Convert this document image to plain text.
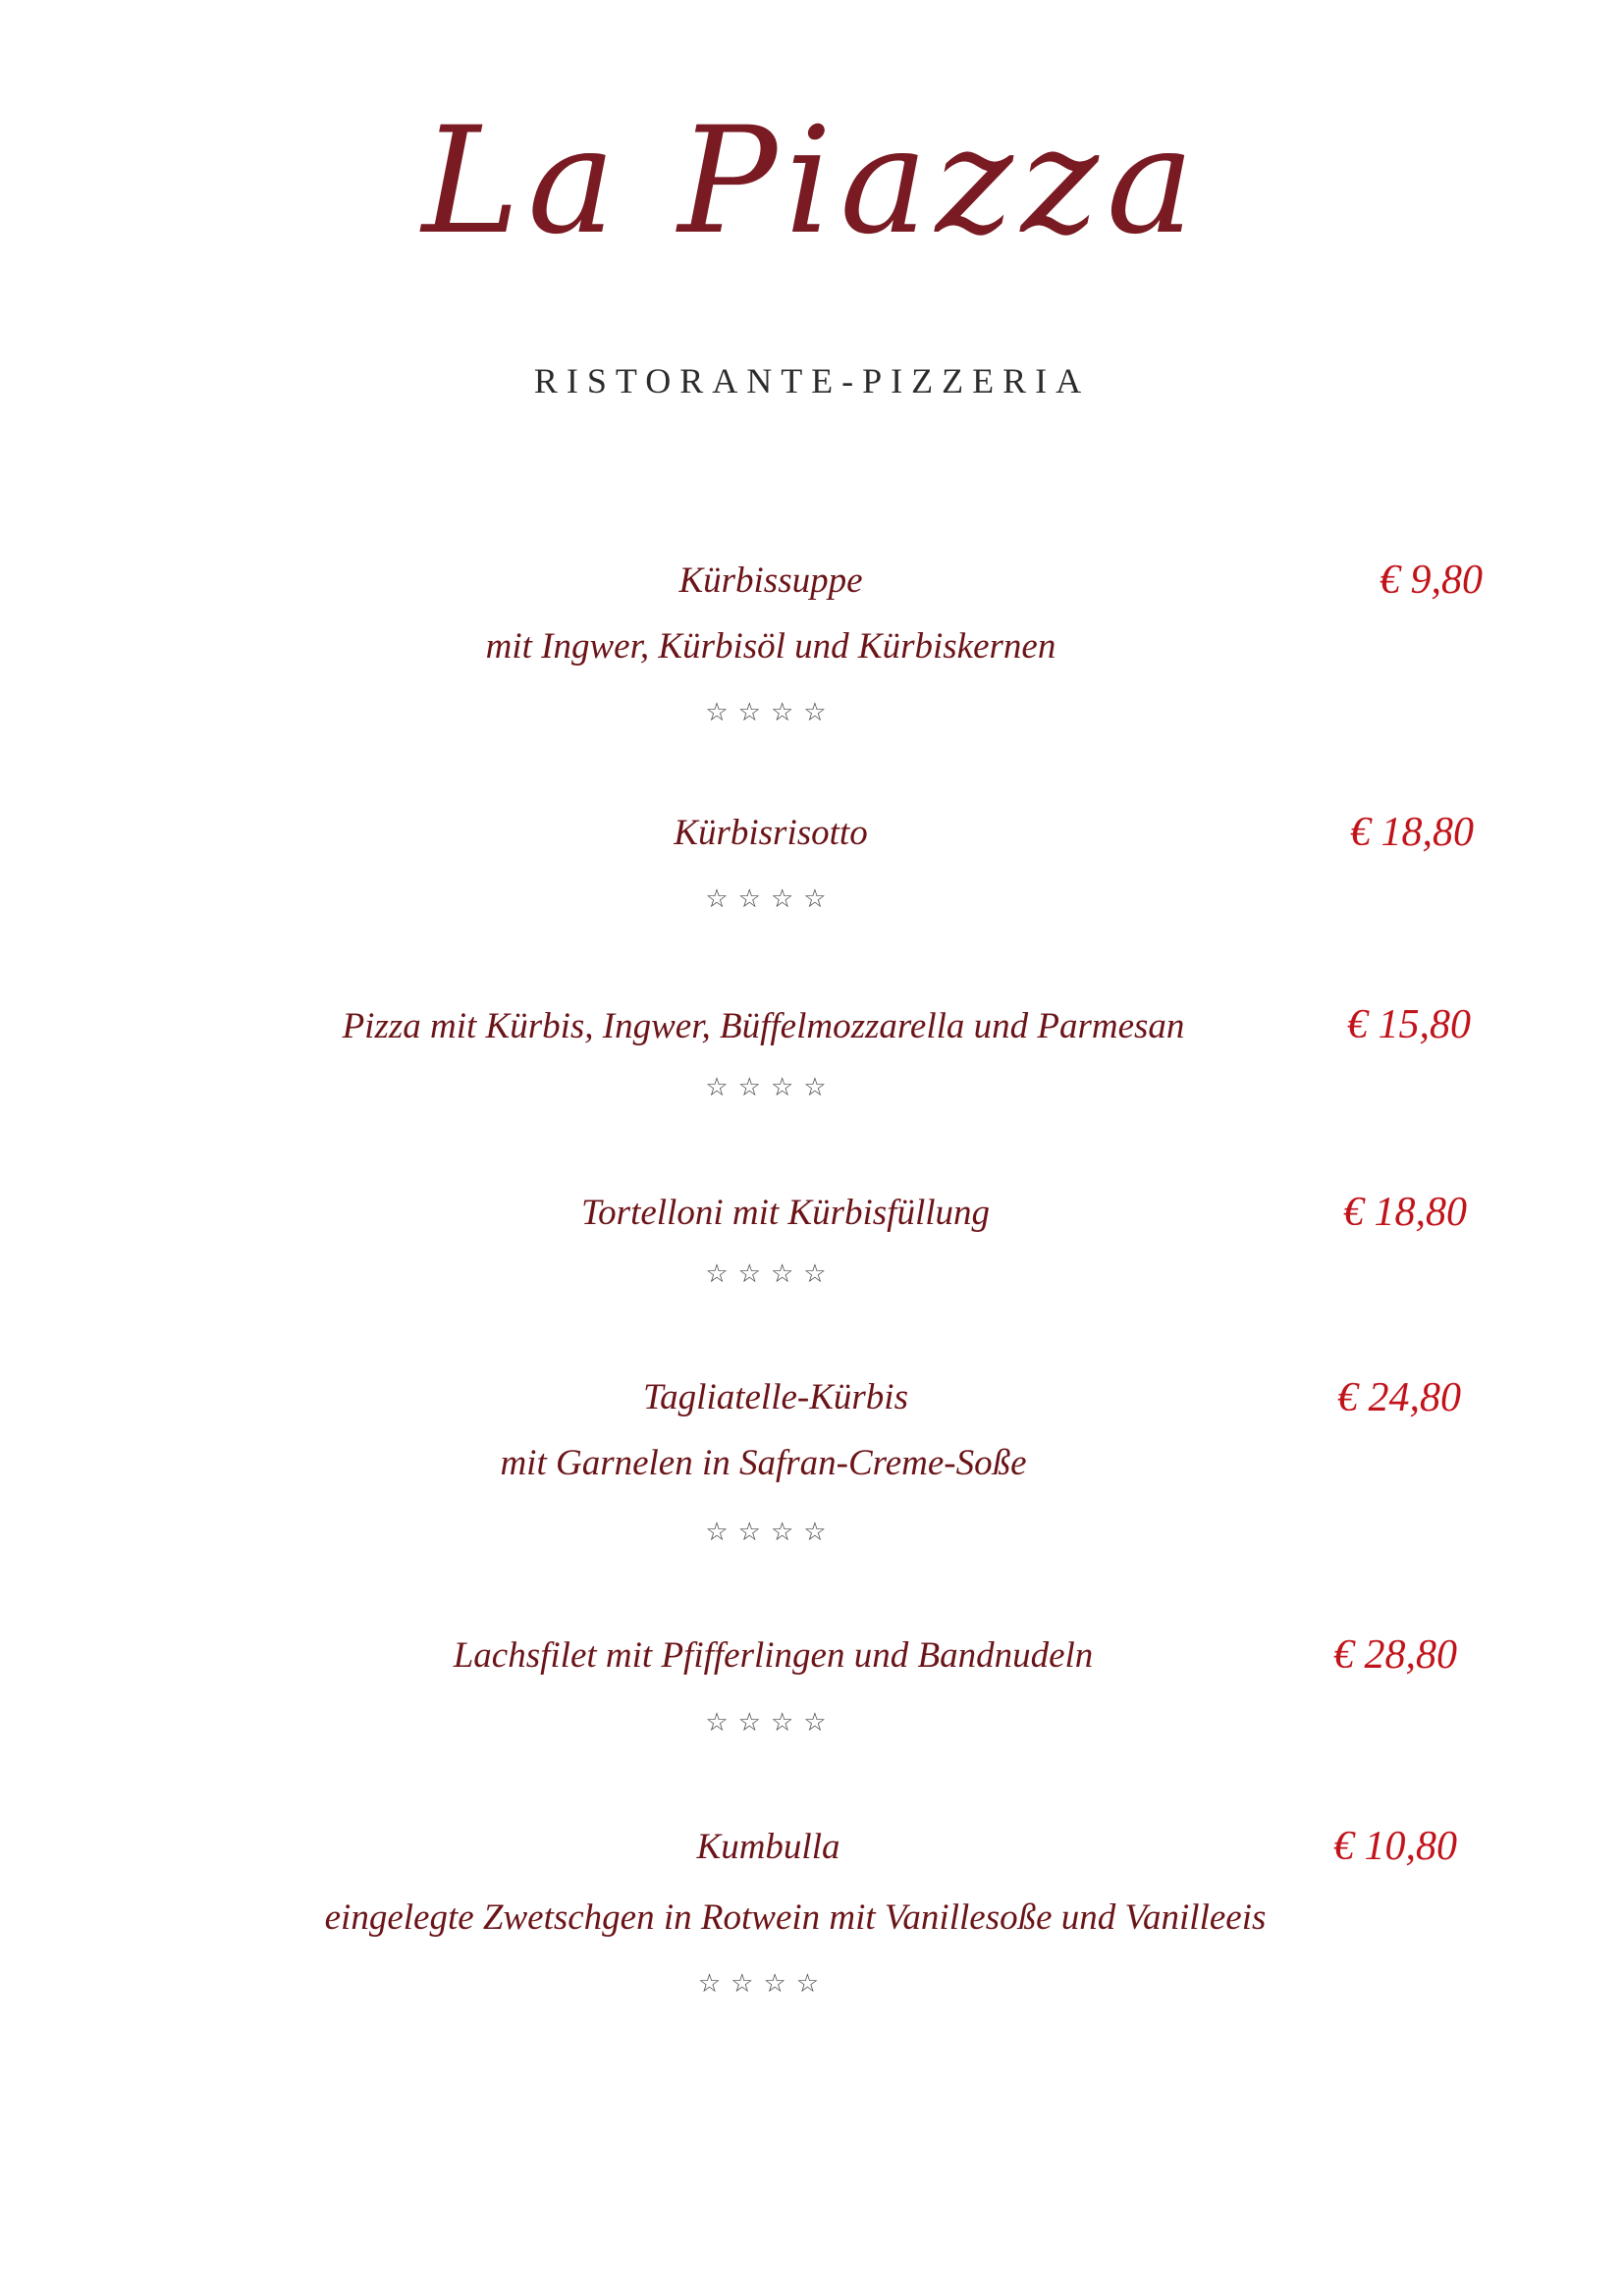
La Piazza
RISTORANTE-PIZZERIA
Kürbissuppe	€ 9,80
mit Ingwer, Kürbisöl und Kürbiskernen
☆☆☆☆
Kürbisrisotto	€ 18,80
☆☆☆☆
Pizza mit Kürbis, Ingwer, Büffelmozzarella und Parmesan	€ 15,80
☆☆☆☆
Tortelloni mit Kürbisfüllung	€ 18,80
☆☆☆☆
Tagliatelle-Kürbis	€ 24,80
mit Garnelen in Safran-Creme-Soße
☆☆☆☆
Lachsfilet mit Pfifferlingen und Bandnudeln	€ 28,80
☆☆☆☆
Kumbulla	€ 10,80
eingelegte Zwetschgen in Rotwein mit Vanillesoße und Vanilleeis
☆☆☆☆
